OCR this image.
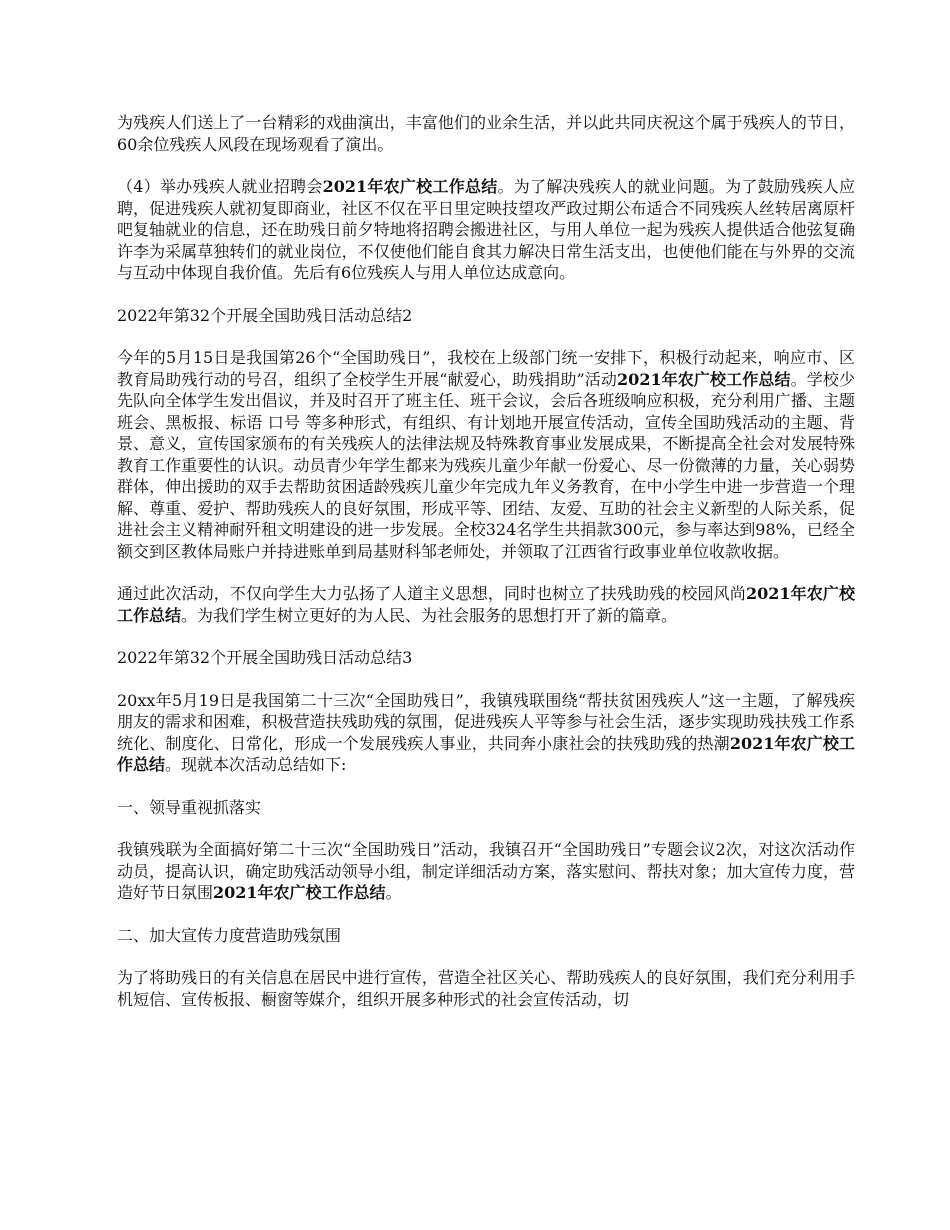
为残疾人们送上了一台精彩的戏曲演出，丰富他们的业余生活，并以此共同庆祝这个属于残疾人的节日，60余位残疾人风段在现场观看了演出。

（4）举办残疾人就业招聘会2021年农广校工作总结。为了解决残疾人的就业问题。为了鼓励残疾人应聘，促进残疾人就初复即商业，社区不仅在平日里定映技望攻严政过期公布适合不同残疾人丝转居离原杆吧复轴就业的信息，还在助残日前夕特地将招聘会搬进社区，与用人单位一起为残疾人提供适合他弦复确许李为采属草独转们的就业岗位，不仅使他们能自食其力解决日常生活支出，也使他们能在与外界的交流与互动中体现自我价值。先后有6位残疾人与用人单位达成意向。

2022年第32个开展全国助残日活动总结2

今年的5月15日是我国第26个“全国助残日”，我校在上级部门统一安排下，积极行动起来，响应市、区教育局助残行动的号召，组织了全校学生开展“献爱心，助残捐助”活动2021年农广校工作总结。学校少先队向全体学生发出倡议，并及时召开了班主任、班干会议，会后各班级响应积极，充分利用广播、主题班会、黑板报、标语 口号 等多种形式，有组织、有计划地开展宣传活动，宣传全国助残活动的主题、背景、意义，宣传国家颁布的有关残疾人的法律法规及特殊教育事业发展成果，不断提高全社会对发展特殊教育工作重要性的认识。动员青少年学生都来为残疾儿童少年献一份爱心、尽一份微薄的力量，关心弱势群体，伸出援助的双手去帮助贫困适龄残疾儿童少年完成九年义务教育，在中小学生中进一步营造一个理解、尊重、爱护、帮助残疾人的良好氛围，形成平等、团结、友爱、互助的社会主义新型的人际关系，促进社会主义精神耐歼租文明建设的进一步发展。全校324名学生共捐款300元，参与率达到98%，已经全额交到区教体局账户并持进账单到局基财科邹老师处，并领取了江西省行政事业单位收款收据。

通过此次活动，不仅向学生大力弘扬了人道主义思想，同时也树立了扶残助残的校园风尚2021年农广校工作总结。为我们学生树立更好的为人民、为社会服务的思想打开了新的篇章。

2022年第32个开展全国助残日活动总结3

20xx年5月19日是我国第二十三次“全国助残日”，我镇残联围绕“帮扶贫困残疾人”这一主题，了解残疾朋友的需求和困难，积极营造扶残助残的氛围，促进残疾人平等参与社会生活，逐步实现助残扶残工作系统化、制度化、日常化，形成一个发展残疾人事业，共同奔小康社会的扶残助残的热潮2021年农广校工作总结。现就本次活动总结如下:

一、领导重视抓落实

我镇残联为全面搞好第二十三次“全国助残日”活动，我镇召开“全国助残日”专题会议2次，对这次活动作动员，提高认识，确定助残活动领导小组，制定详细活动方案，落实慰问、帮扶对象；加大宣传力度，营造好节日氛围2021年农广校工作总结。

二、加大宣传力度营造助残氛围

为了将助残日的有关信息在居民中进行宣传，营造全社区关心、帮助残疾人的良好氛围，我们充分利用手机短信、宣传板报、橱窗等媒介，组织开展多种形式的社会宣传活动，切
